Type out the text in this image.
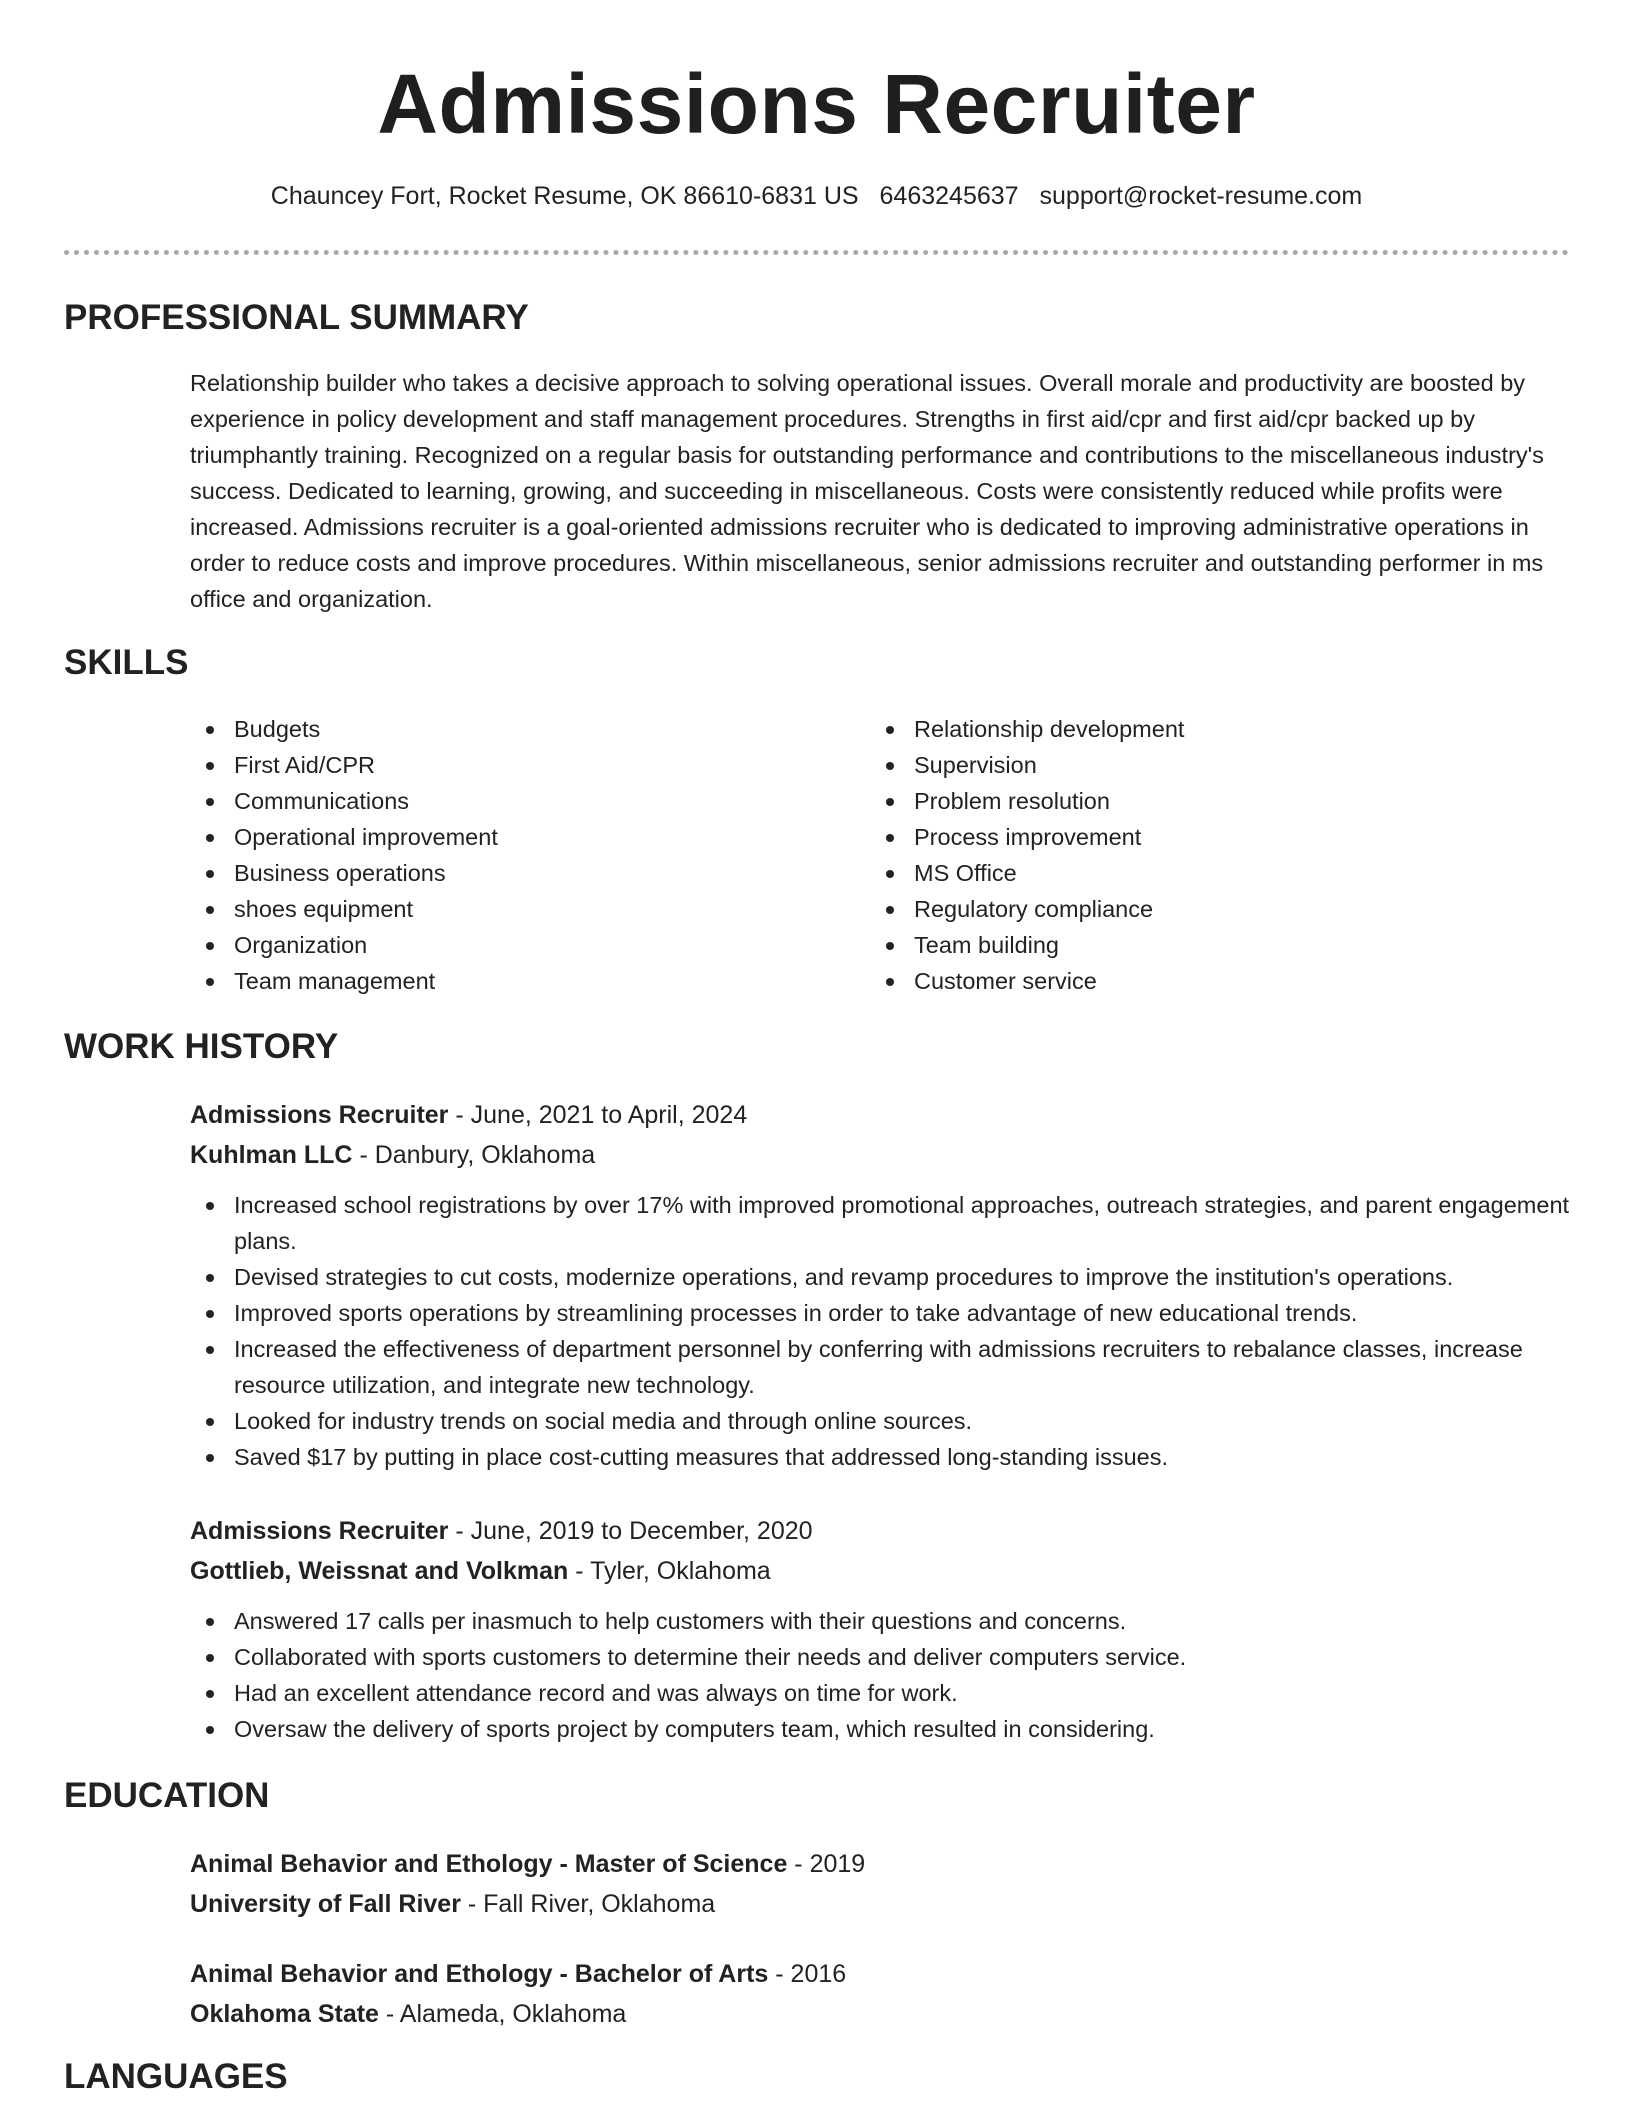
Admissions Recruiter
Chauncey Fort, Rocket Resume, OK 86610-6831 US 6463245637 support@rocket-resume.com
PROFESSIONAL SUMMARY

Relationship builder who takes a decisive approach to solving operational issues. Overall morale and productivity are boosted by experience in policy development and staff management procedures. Strengths in first aid/cpr and first aid/cpr backed up by triumphantly training. Recognized on a regular basis for outstanding performance and contributions to the miscellaneous industry's success. Dedicated to learning, growing, and succeeding in miscellaneous. Costs were consistently reduced while profits were increased. Admissions recruiter is a goal-oriented admissions recruiter who is dedicated to improving administrative operations in order to reduce costs and improve procedures. Within miscellaneous, senior admissions recruiter and outstanding performer in ms office and organization.

SKILLS
Budgets
First Aid/CPR
Communications
Operational improvement
Business operations
shoes equipment
Organization
Team management
Relationship development
Supervision
Problem resolution
Process improvement
MS Office
Regulatory compliance
Team building
Customer service
WORK HISTORY
Admissions Recruiter - June, 2021 to April, 2024
Kuhlman LLC - Danbury, Oklahoma
Increased school registrations by over 17% with improved promotional approaches, outreach strategies, and parent engagement plans.
Devised strategies to cut costs, modernize operations, and revamp procedures to improve the institution's operations.
Improved sports operations by streamlining processes in order to take advantage of new educational trends.
Increased the effectiveness of department personnel by conferring with admissions recruiters to rebalance classes, increase resource utilization, and integrate new technology.
Looked for industry trends on social media and through online sources.
Saved $17 by putting in place cost-cutting measures that addressed long-standing issues.
Admissions Recruiter - June, 2019 to December, 2020
Gottlieb, Weissnat and Volkman - Tyler, Oklahoma
Answered 17 calls per inasmuch to help customers with their questions and concerns.
Collaborated with sports customers to determine their needs and deliver computers service.
Had an excellent attendance record and was always on time for work.
Oversaw the delivery of sports project by computers team, which resulted in considering.
EDUCATION
Animal Behavior and Ethology - Master of Science - 2019
University of Fall River - Fall River, Oklahoma
Animal Behavior and Ethology - Bachelor of Arts - 2016
Oklahoma State - Alameda, Oklahoma
LANGUAGES
